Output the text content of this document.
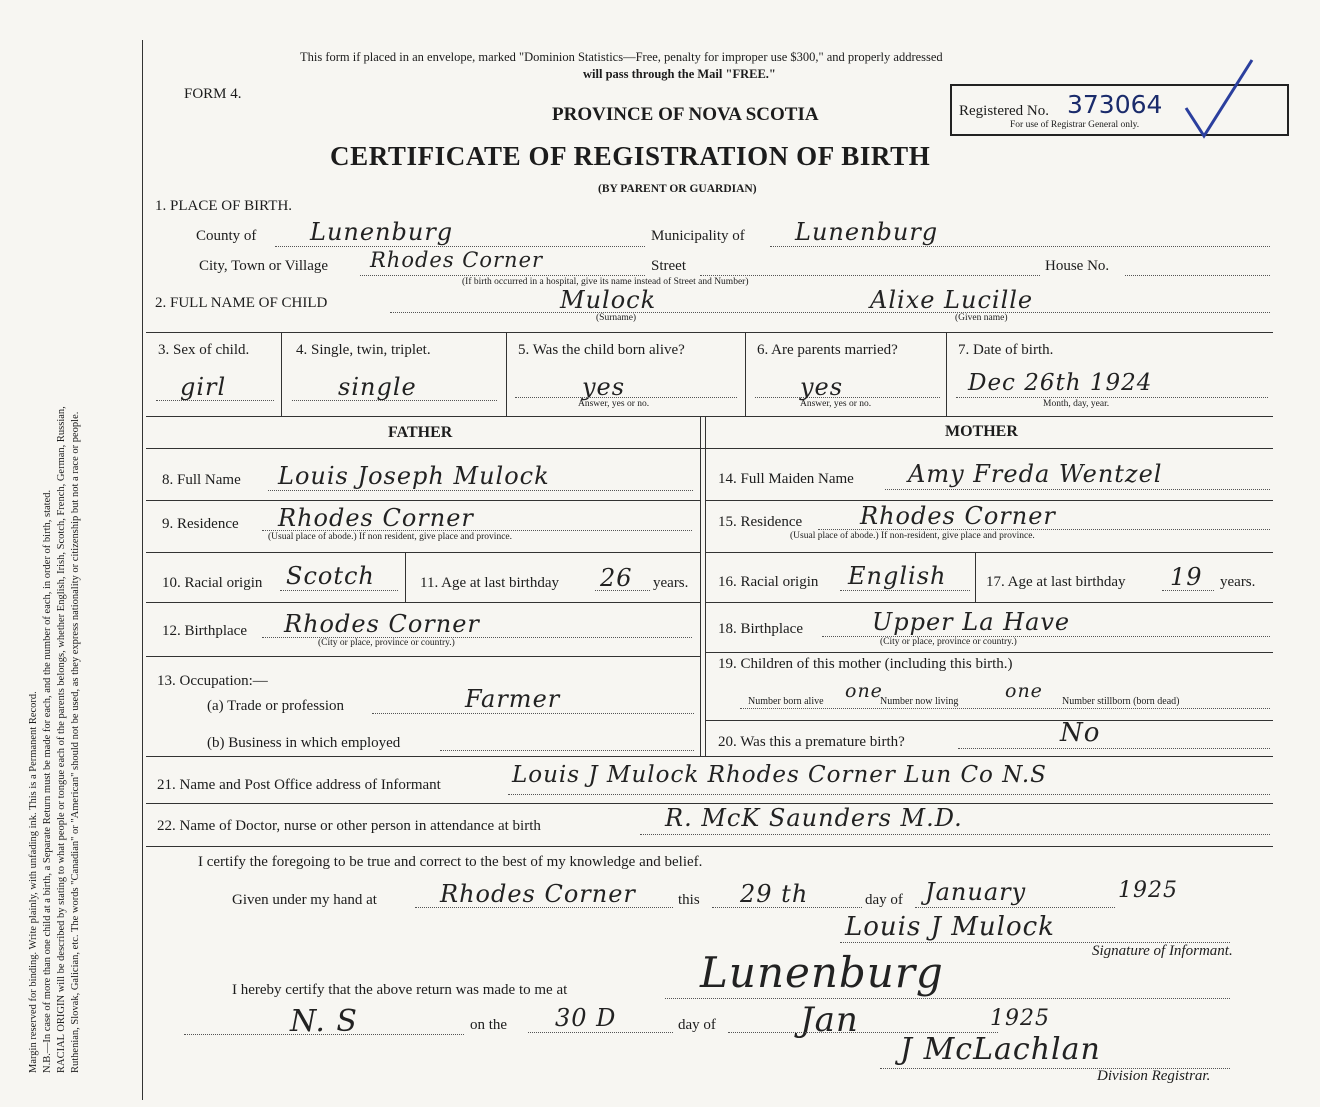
Margin reserved for binding. Write plainly, with unfading ink. This is a Permanent Record. N.B.—In case of more than one child at a birth, a Separate Return must be made for each, and the number of each, in order of birth, stated. RACIAL ORIGIN will be described by stating to what people or tongue each of the parents belongs, whether English, Irish, Scotch, French, German, Russian, Ruthenian, Slovak, Galician, etc. The words "Canadian" or "American" should not be used, as they express nationality or citizenship but not a race or people.
This form if placed in an envelope, marked "Dominion Statistics—Free, penalty for improper use $300," and properly addressed
will pass through the Mail "FREE."
FORM 4.
PROVINCE OF NOVA SCOTIA	Registered No. 373064
For use of Registrar General only.
CERTIFICATE OF REGISTRATION OF BIRTH
(BY PARENT OR GUARDIAN)
1. PLACE OF BIRTH.
County of Lunenburg	Municipality of Lunenburg
City, Town or Village Rhodes Corner	Street	House No.
(If birth occurred in a hospital, give its name instead of Street and Number)
2. FULL NAME OF CHILD	Mulock
(Surname)
Alixe Lucille
(Given name)
3. Sex of child.
girl
4. Single, twin, triplet.
single
5. Was the child born alive?
yes
Answer, yes or no.
6. Are parents married?
yes
Answer, yes or no.
7. Date of birth.
Dec 26th 1924
Month, day, year.
FATHER	MOTHER
8. Full Name Louis Joseph Mulock
9. Residence Rhodes Corner
(Usual place of abode.) If non resident, give place and province.
10. Racial origin Scotch	11. Age at last birthday 26 years.
12. Birthplace Rhodes Corner
(City or place, province or country.)
13. Occupation:—
(a) Trade or profession	Farmer
(b) Business in which employed
14. Full Maiden Name Amy Freda Wentzel
15. Residence Rhodes Corner
(Usual place of abode.) If non-resident, give place and province.
16. Racial origin English	17. Age at last birthday 19 years.
18. Birthplace	Upper La Have
(City or place, province or country.)
19. Children of this mother (including this birth.)
Number born alive one
Number now living one Number stillborn (born dead)
20. Was this a premature birth?	No
21. Name and Post Office address of Informant	Louis J Mulock Rhodes Corner Lun Co N.S
22. Name of Doctor, nurse or other person in attendance at birth	R. McK Saunders M.D.
I certify the foregoing to be true and correct to the best of my knowledge and belief.
Given under my hand at	Rhodes Corner	this 29 th	day of January	1925
Louis J Mulock
Signature of Informant.
I hereby certify that the above return was made to me at	Lunenburg
N. S	on the 30 D	day of Jan	1925
J McLachlan
Division Registrar.
